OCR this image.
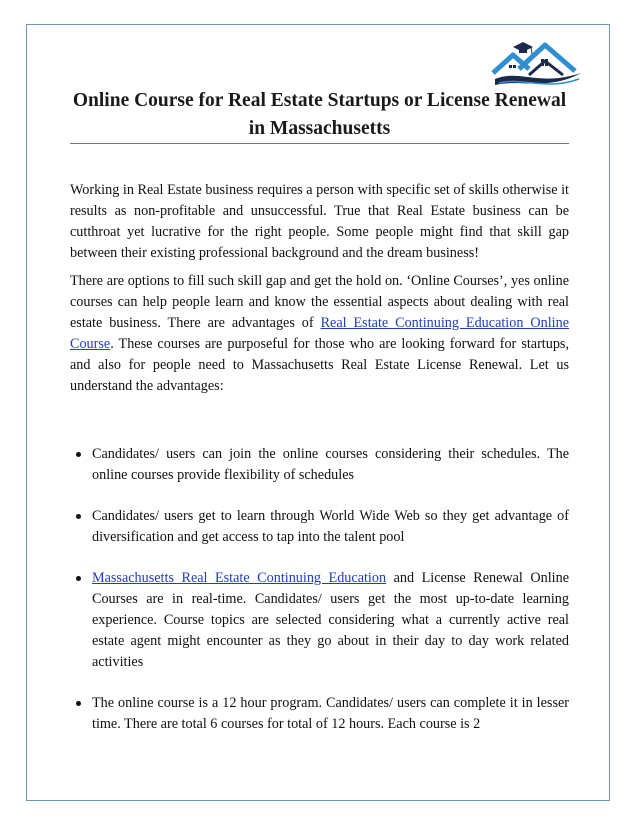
Online Course for Real Estate Startups or License Renewal in Massachusetts

Working in Real Estate business requires a person with specific set of skills otherwise it results as non-profitable and unsuccessful. True that Real Estate business can be cutthroat yet lucrative for the right people. Some people might find that skill gap between their existing professional background and the dream business!

There are options to fill such skill gap and get the hold on. ‘Online Courses’, yes online courses can help people learn and know the essential aspects about dealing with real estate business. There are advantages of Real Estate Continuing Education Online Course. These courses are purposeful for those who are looking forward for startups, and also for people need to Massachusetts Real Estate License Renewal. Let us understand the advantages:

Candidates/ users can join the online courses considering their schedules. The online courses provide flexibility of schedules
Candidates/ users get to learn through World Wide Web so they get advantage of diversification and get access to tap into the talent pool
Massachusetts Real Estate Continuing Education and License Renewal Online Courses are in real-time. Candidates/ users get the most up-to-date learning experience. Course topics are selected considering what a currently active real estate agent might encounter as they go about in their day to day work related activities
The online course is a 12 hour program. Candidates/ users can complete it in lesser time. There are total 6 courses for total of 12 hours. Each course is 2
